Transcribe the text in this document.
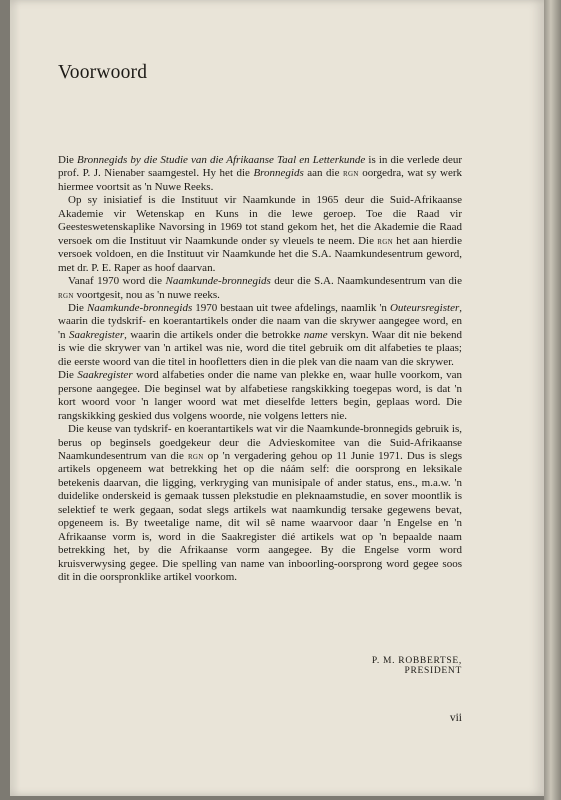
Voorwoord

Die Bronnegids by die Studie van die Afrikaanse Taal en Letterkunde is in die verlede deur prof. P. J. Nienaber saamgestel. Hy het die Bronnegids aan die rgn oorgedra, wat sy werk hiermee voortsit as 'n Nuwe Reeks.

Op sy inisiatief is die Instituut vir Naamkunde in 1965 deur die Suid-Afrikaanse Akademie vir Wetenskap en Kuns in die lewe geroep. Toe die Raad vir Geesteswetenskaplike Navorsing in 1969 tot stand gekom het, het die Akademie die Raad versoek om die Instituut vir Naamkunde onder sy vleuels te neem. Die rgn het aan hierdie versoek voldoen, en die Instituut vir Naamkunde het die S.A. Naamkundesentrum geword, met dr. P. E. Raper as hoof daarvan.

Vanaf 1970 word die Naamkunde-bronnegids deur die S.A. Naamkundesentrum van die rgn voortgesit, nou as 'n nuwe reeks.

Die Naamkunde-bronnegids 1970 bestaan uit twee afdelings, naamlik 'n Outeursregister, waarin die tydskrif- en koerantartikels onder die naam van die skrywer aangegee word, en 'n Saakregister, waarin die artikels onder die betrokke name verskyn. Waar dit nie bekend is wie die skrywer van 'n artikel was nie, word die titel gebruik om dit alfabeties te plaas; die eerste woord van die titel in hoofletters dien in die plek van die naam van die skrywer.

Die Saakregister word alfabeties onder die name van plekke en, waar hulle voorkom, van persone aangegee. Die beginsel wat by alfabetiese rangskikking toegepas word, is dat 'n kort woord voor 'n langer woord wat met dieselfde letters begin, geplaas word. Die rangskikking geskied dus volgens woorde, nie volgens letters nie.

Die keuse van tydskrif- en koerantartikels wat vir die Naamkunde-bronnegids gebruik is, berus op beginsels goedgekeur deur die Advieskomitee van die Suid-Afrikaanse Naamkundesentrum van die rgn op 'n vergadering gehou op 11 Junie 1971. Dus is slegs artikels opgeneem wat betrekking het op die náám self: die oorsprong en leksikale betekenis daarvan, die ligging, verkryging van munisipale of ander status, ens., m.a.w. 'n duidelike onderskeid is gemaak tussen plekstudie en pleknaamstudie, en sover moontlik is selektief te werk gegaan, sodat slegs artikels wat naamkundig tersake gegewens bevat, opgeneem is. By tweetalige name, dit wil sê name waarvoor daar 'n Engelse en 'n Afrikaanse vorm is, word in die Saakregister dié artikels wat op 'n bepaalde naam betrekking het, by die Afrikaanse vorm aangegee. By die Engelse vorm word kruisverwysing gegee. Die spelling van name van inboorling-oorsprong word gegee soos dit in die oorspronklike artikel voorkom.

P. M. ROBBERTSE, PRESIDENT

vii
